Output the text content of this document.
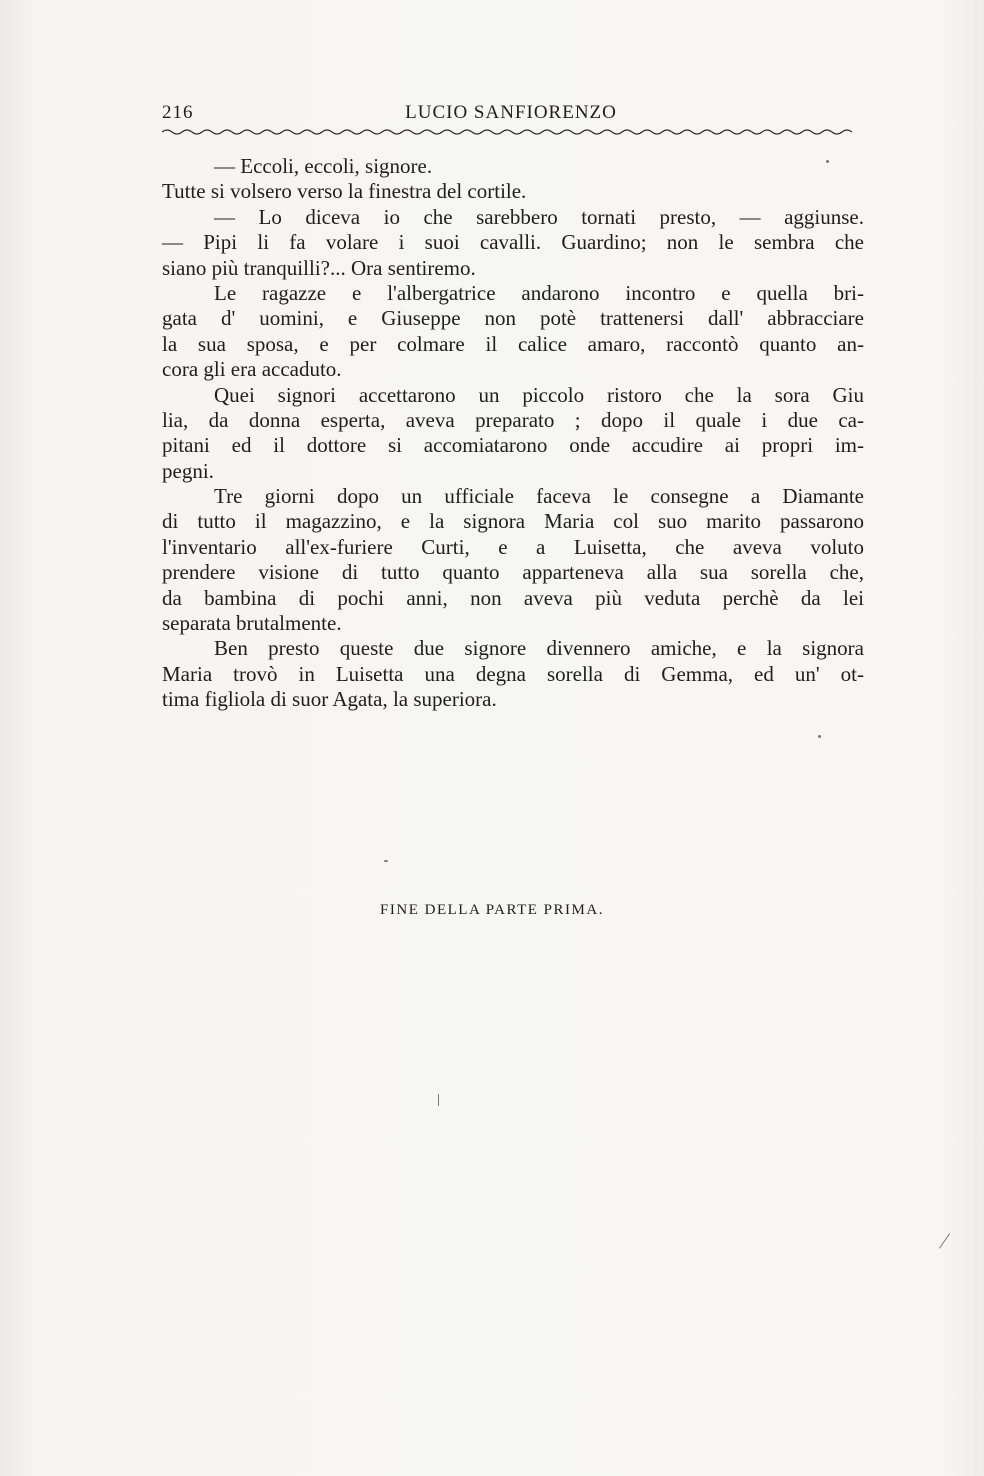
216	LUCIO SANFIORENZO
— Eccoli, eccoli, signore.
Tutte si volsero verso la finestra del cortile.
— Lo diceva io che sarebbero tornati presto, — aggiunse.
— Pipi li fa volare i suoi cavalli. Guardino; non le sembra che
siano più tranquilli?... Ora sentiremo.
Le ragazze e l'albergatrice andarono incontro e quella bri-
gata d' uomini, e Giuseppe non potè trattenersi dall' abbracciare
la sua sposa, e per colmare il calice amaro, raccontò quanto an-
cora gli era accaduto.
Quei signori accettarono un piccolo ristoro che la sora Giu
lia, da donna esperta, aveva preparato ; dopo il quale i due ca-
pitani ed il dottore si accomiatarono onde accudire ai propri im-
pegni.
Tre giorni dopo un ufficiale faceva le consegne a Diamante
di tutto il magazzino, e la signora Maria col suo marito passarono
l'inventario all'ex-furiere Curti, e a Luisetta, che aveva voluto
prendere visione di tutto quanto apparteneva alla sua sorella che,
da bambina di pochi anni, non aveva più veduta perchè da lei
separata brutalmente.
Ben presto queste due signore divennero amiche, e la signora
Maria trovò in Luisetta una degna sorella di Gemma, ed un' ot-
tima figliola di suor Agata, la superiora.
FINE DELLA PARTE PRIMA.
